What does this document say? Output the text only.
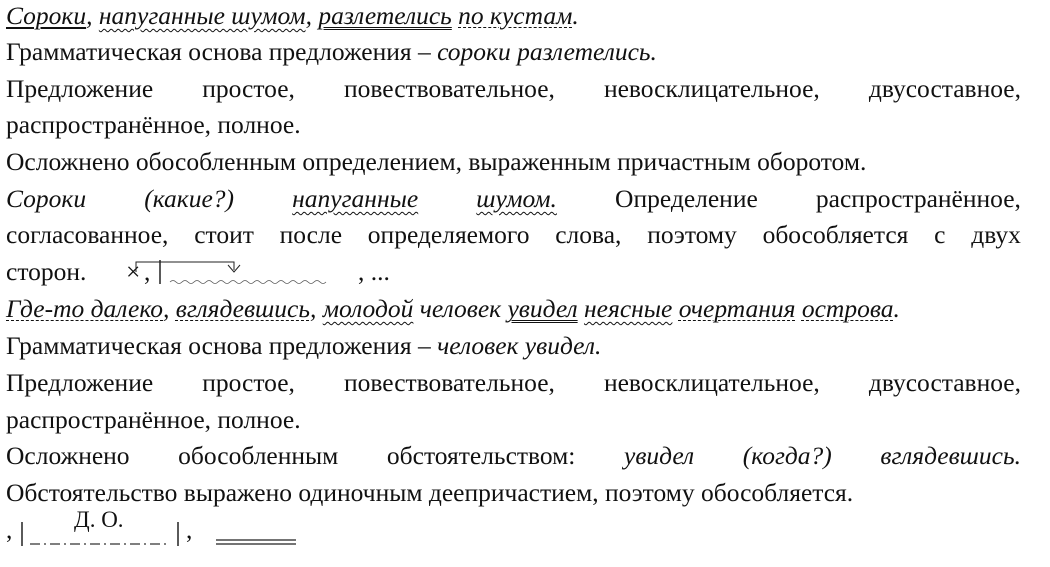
Сороки, напуганные шумом, разлетелись по кустам.
Грамматическая основа предложения – сороки разлетелись.
Предложение простое, повествовательное, невосклицательное, двусоставное,
распространённое, полное.
Осложнено обособленным определением, выраженным причастным оборотом.
Сороки (какие?) напуганные шумом. Определение распространённое,
согласованное, стоит после определяемого слова, поэтому обособляется с двух
сторон. × ,	, ...
Где-то далеко, вглядевшись, молодой человек увидел неясные очертания острова.
Грамматическая основа предложения – человек увидел.
Предложение простое, повествовательное, невосклицательное, двусоставное,
распространённое, полное.
Осложнено обособленным обстоятельством: увидел (когда?) вглядевшись.
Обстоятельство выражено одиночным деепричастием, поэтому обособляется.
,	Д. О. ,
